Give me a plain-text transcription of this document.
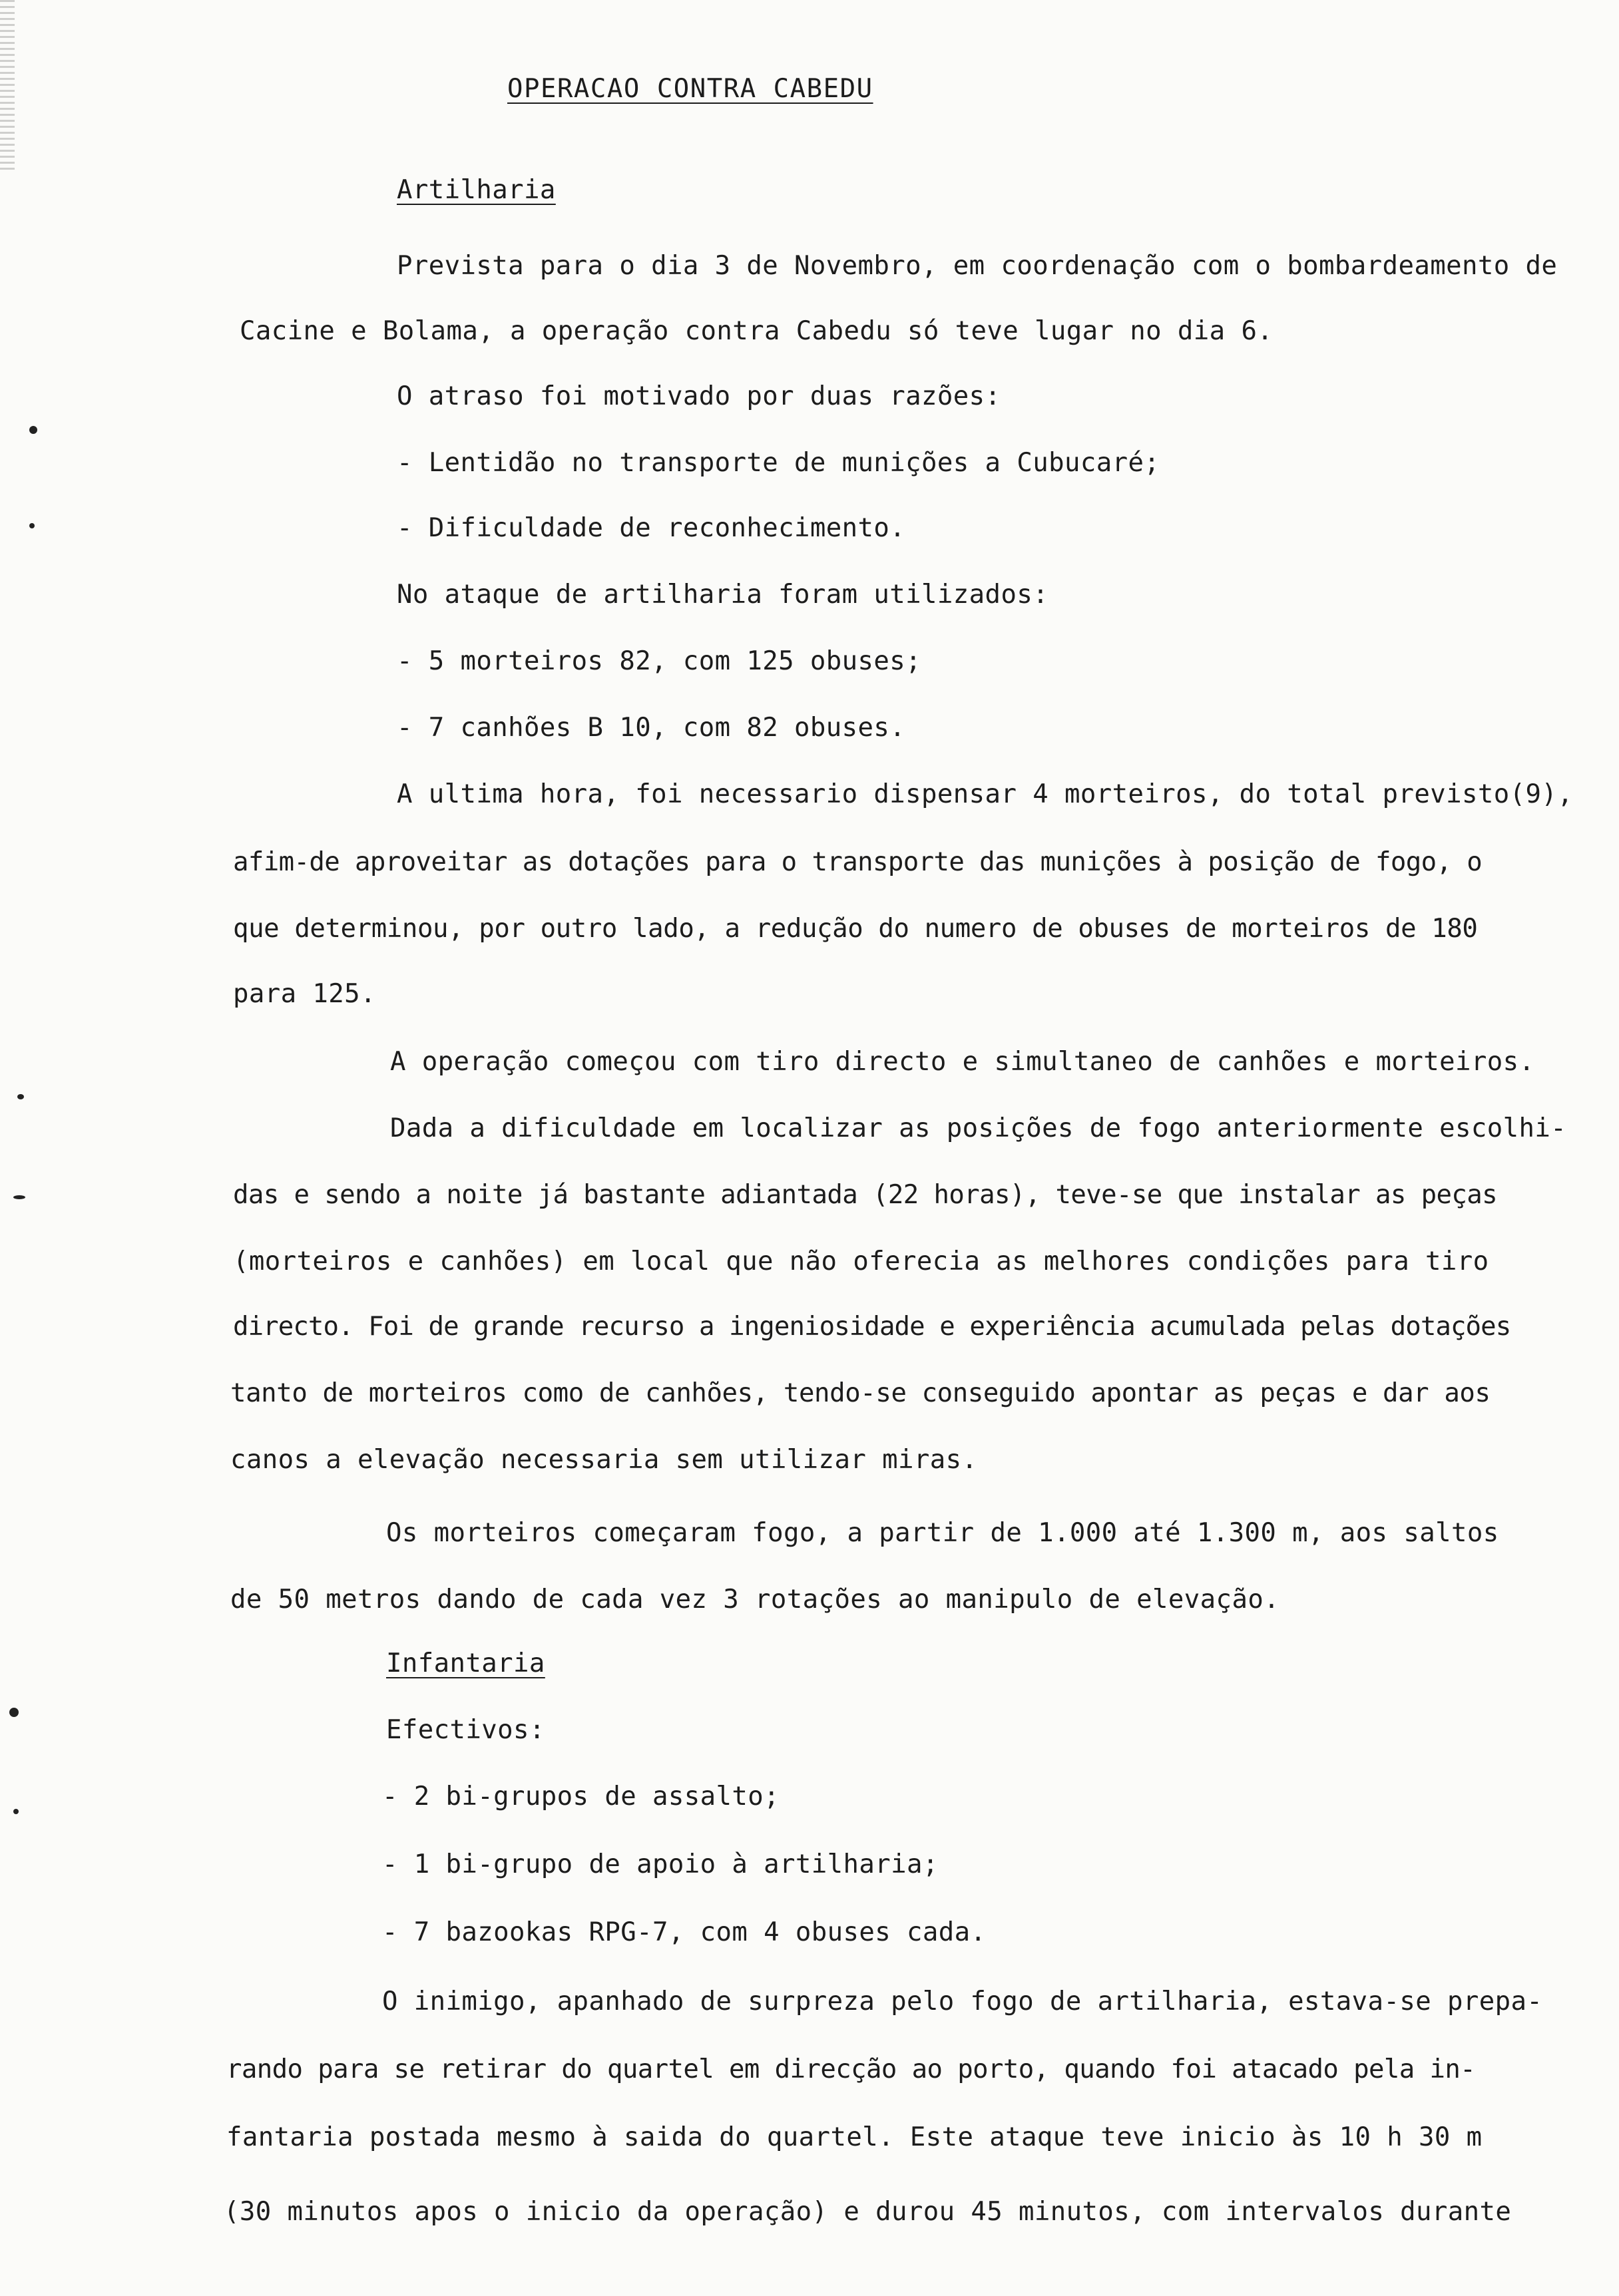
OPERACAO CONTRA CABEDU
Artilharia
Prevista para o dia 3 de Novembro, em coordenação com o bombardeamento de
Cacine e Bolama, a operação contra Cabedu só teve lugar no dia 6.
O atraso foi motivado por duas razões:
- Lentidão no transporte de munições a Cubucaré;
- Dificuldade de reconhecimento.
No ataque de artilharia foram utilizados:
- 5 morteiros 82, com 125 obuses;
- 7 canhões B 10, com 82 obuses.
A ultima hora, foi necessario dispensar 4 morteiros, do total previsto(9),
afim-de aproveitar as dotações para o transporte das munições à posição de fogo, o
que determinou, por outro lado, a redução do numero de obuses de morteiros de 180
para 125.
A operação começou com tiro directo e simultaneo de canhões e morteiros.
Dada a dificuldade em localizar as posições de fogo anteriormente escolhi-
das e sendo a noite já bastante adiantada (22 horas), teve-se que instalar as peças
(morteiros e canhões) em local que não oferecia as melhores condições para tiro
directo. Foi de grande recurso a ingeniosidade e experiência acumulada pelas dotações
tanto de morteiros como de canhões, tendo-se conseguido apontar as peças e dar aos
canos a elevação necessaria sem utilizar miras.
Os morteiros começaram fogo, a partir de 1.000 até 1.300 m, aos saltos
de 50 metros dando de cada vez 3 rotações ao manipulo de elevação.
Infantaria
Efectivos:
- 2 bi-grupos de assalto;
- 1 bi-grupo de apoio à artilharia;
- 7 bazookas RPG-7, com 4 obuses cada.
O inimigo, apanhado de surpreza pelo fogo de artilharia, estava-se prepa-
rando para se retirar do quartel em direcção ao porto, quando foi atacado pela in-
fantaria postada mesmo à saida do quartel. Este ataque teve inicio às 10 h 30 m
(30 minutos apos o inicio da operação) e durou 45 minutos, com intervalos durante
